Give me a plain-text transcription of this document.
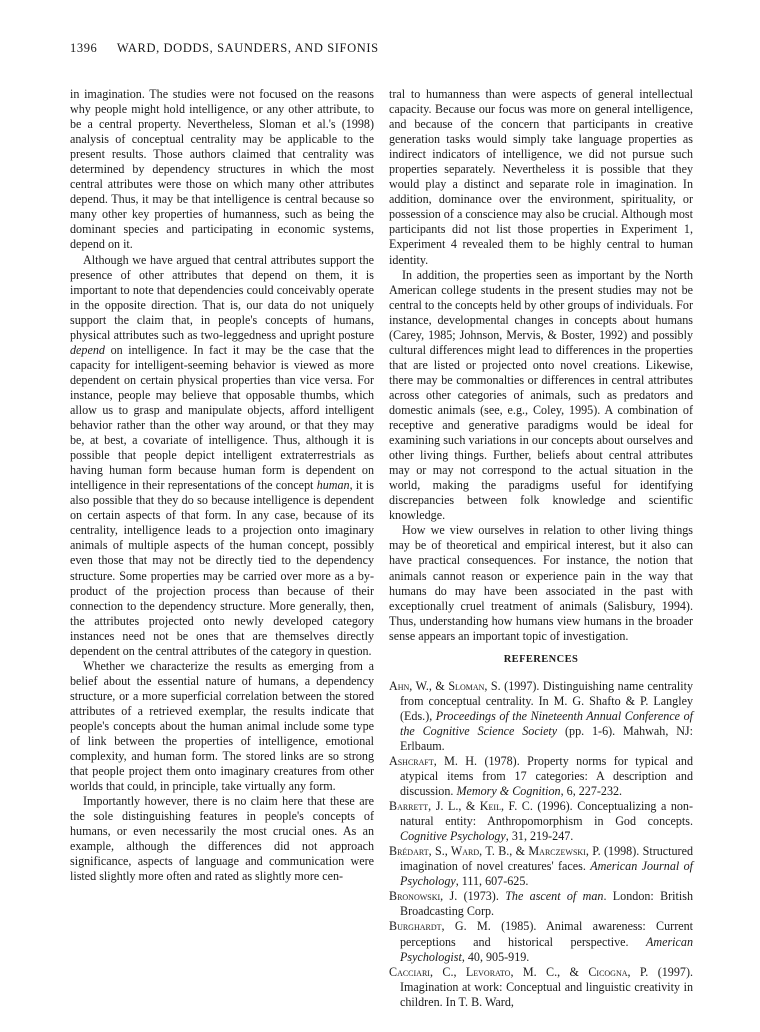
1396 WARD, DODDS, SAUNDERS, AND SIFONIS

in imagination. The studies were not focused on the reasons why people might hold intelligence, or any other attribute, to be a central property. Nevertheless, Sloman et al.'s (1998) analysis of conceptual centrality may be applicable to the present results. Those authors claimed that centrality was determined by dependency structures in which the most central attributes were those on which many other attributes depend. Thus, it may be that intelligence is central because so many other key properties of humanness, such as being the dominant species and participating in economic systems, depend on it.

Although we have argued that central attributes support the presence of other attributes that depend on them, it is important to note that dependencies could conceivably operate in the opposite direction. That is, our data do not uniquely support the claim that, in people's concepts of humans, physical attributes such as two-leggedness and upright posture depend on intelligence. In fact it may be the case that the capacity for intelligent-seeming behavior is viewed as more dependent on certain physical properties than vice versa. For instance, people may believe that opposable thumbs, which allow us to grasp and manipulate objects, afford intelligent behavior rather than the other way around, or that they may be, at best, a covariate of intelligence. Thus, although it is possible that people depict intelligent extraterrestrials as having human form because human form is dependent on intelligence in their representations of the concept human, it is also possible that they do so because intelligence is dependent on certain aspects of that form. In any case, because of its centrality, intelligence leads to a projection onto imaginary animals of multiple aspects of the human concept, possibly even those that may not be directly tied to the dependency structure. Some properties may be carried over more as a by-product of the projection process than because of their connection to the dependency structure. More generally, then, the attributes projected onto newly developed category instances need not be ones that are themselves directly dependent on the central attributes of the category in question.

Whether we characterize the results as emerging from a belief about the essential nature of humans, a dependency structure, or a more superficial correlation between the stored attributes of a retrieved exemplar, the results indicate that people's concepts about the human animal include some type of link between the properties of intelligence, emotional complexity, and human form. The stored links are so strong that people project them onto imaginary creatures from other worlds that could, in principle, take virtually any form.

Importantly however, there is no claim here that these are the sole distinguishing features in people's concepts of humans, or even necessarily the most crucial ones. As an example, although the differences did not approach significance, aspects of language and communication were listed slightly more often and rated as slightly more cen-

tral to humanness than were aspects of general intellectual capacity. Because our focus was more on general intelligence, and because of the concern that participants in creative generation tasks would simply take language properties as indirect indicators of intelligence, we did not pursue such properties separately. Nevertheless it is possible that they would play a distinct and separate role in imagination. In addition, dominance over the environment, spirituality, or possession of a conscience may also be crucial. Although most participants did not list those properties in Experiment 1, Experiment 4 revealed them to be highly central to human identity.

In addition, the properties seen as important by the North American college students in the present studies may not be central to the concepts held by other groups of individuals. For instance, developmental changes in concepts about humans (Carey, 1985; Johnson, Mervis, & Boster, 1992) and possibly cultural differences might lead to differences in the properties that are listed or projected onto novel creations. Likewise, there may be commonalties or differences in central attributes across other categories of animals, such as predators and domestic animals (see, e.g., Coley, 1995). A combination of receptive and generative paradigms would be ideal for examining such variations in our concepts about ourselves and other living things. Further, beliefs about central attributes may or may not correspond to the actual situation in the world, making the paradigms useful for identifying discrepancies between folk knowledge and scientific knowledge.

How we view ourselves in relation to other living things may be of theoretical and empirical interest, but it also can have practical consequences. For instance, the notion that animals cannot reason or experience pain in the way that humans do may have been associated in the past with exceptionally cruel treatment of animals (Salisbury, 1994). Thus, understanding how humans view humans in the broader sense appears an important topic of investigation.

REFERENCES

Ahn, W., & Sloman, S. (1997). Distinguishing name centrality from conceptual centrality. In M. G. Shafto & P. Langley (Eds.), Proceedings of the Nineteenth Annual Conference of the Cognitive Science Society (pp. 1-6). Mahwah, NJ: Erlbaum.

Ashcraft, M. H. (1978). Property norms for typical and atypical items from 17 categories: A description and discussion. Memory & Cognition, 6, 227-232.

Barrett, J. L., & Keil, F. C. (1996). Conceptualizing a non-natural entity: Anthropomorphism in God concepts. Cognitive Psychology, 31, 219-247.

Brédart, S., Ward, T. B., & Marczewski, P. (1998). Structured imagination of novel creatures' faces. American Journal of Psychology, 111, 607-625.

Bronowski, J. (1973). The ascent of man. London: British Broadcasting Corp.

Burghardt, G. M. (1985). Animal awareness: Current perceptions and historical perspective. American Psychologist, 40, 905-919.

Cacciari, C., Levorato, M. C., & Cicogna, P. (1997). Imagination at work: Conceptual and linguistic creativity in children. In T. B. Ward,
